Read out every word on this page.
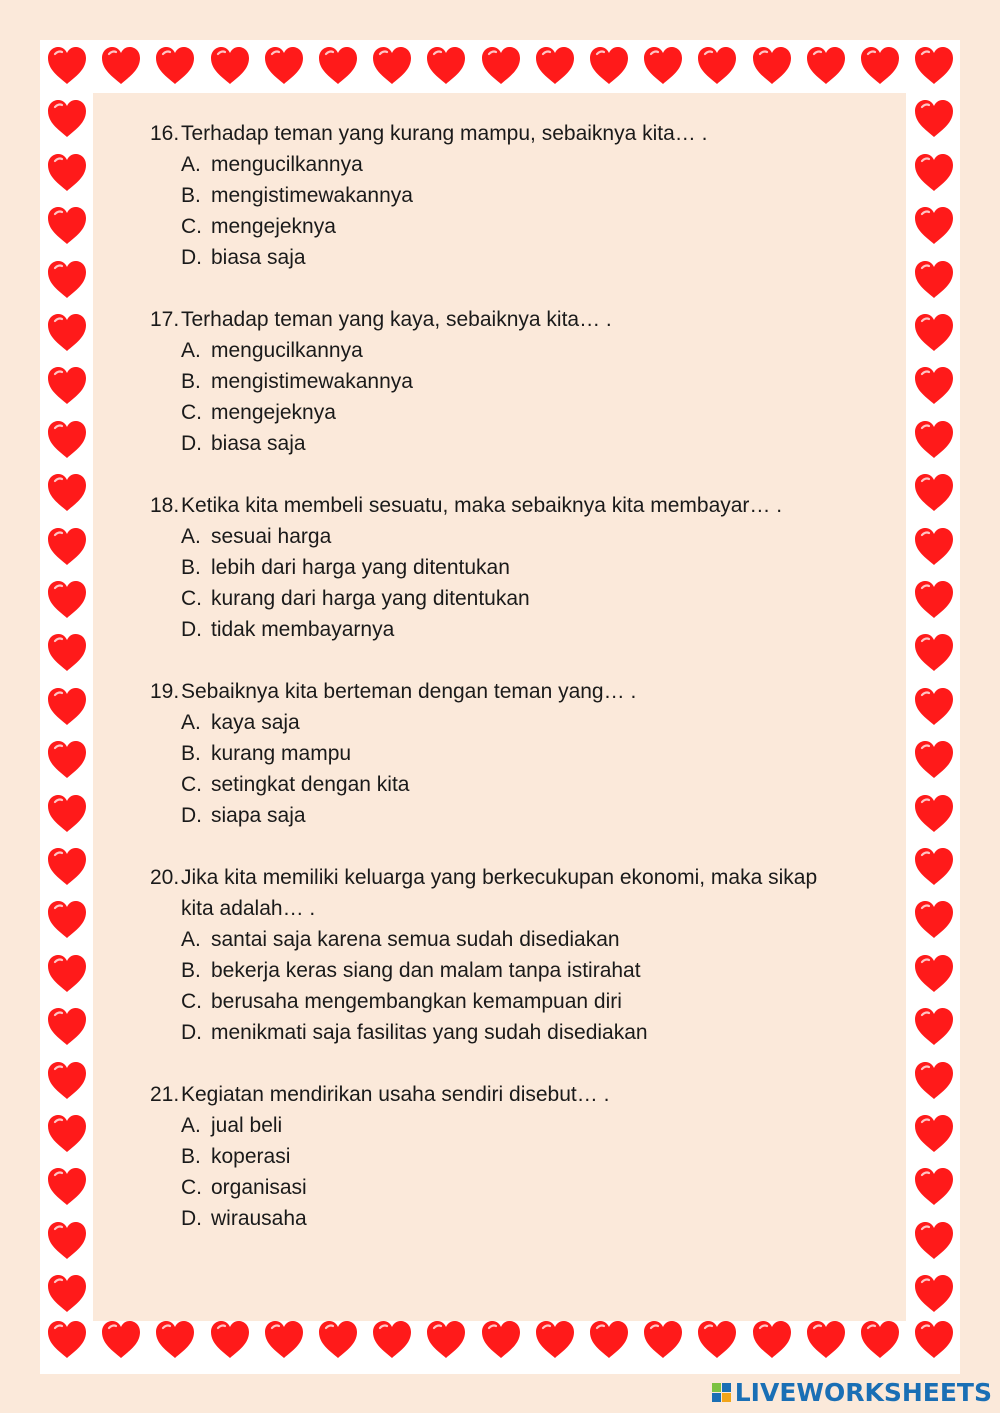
16. Terhadap teman yang kurang mampu, sebaiknya kita… .
A. mengucilkannya
B. mengistimewakannya
C. mengejeknya
D. biasa saja
17. Terhadap teman yang kaya, sebaiknya kita… .
A. mengucilkannya
B. mengistimewakannya
C. mengejeknya
D. biasa saja
18. Ketika kita membeli sesuatu, maka sebaiknya kita membayar… .
A. sesuai harga
B. lebih dari harga yang ditentukan
C. kurang dari harga yang ditentukan
D. tidak membayarnya
19. Sebaiknya kita berteman dengan teman yang… .
A. kaya saja
B. kurang mampu
C. setingkat dengan kita
D. siapa saja
20. Jika kita memiliki keluarga yang berkecukupan ekonomi, maka sikap kita adalah… .
A. santai saja karena semua sudah disediakan
B. bekerja keras siang dan malam tanpa istirahat
C. berusaha mengembangkan kemampuan diri
D. menikmati saja fasilitas yang sudah disediakan
21. Kegiatan mendirikan usaha sendiri disebut… .
A. jual beli
B. koperasi
C. organisasi
D. wirausaha
LIVEWORKSHEETS
